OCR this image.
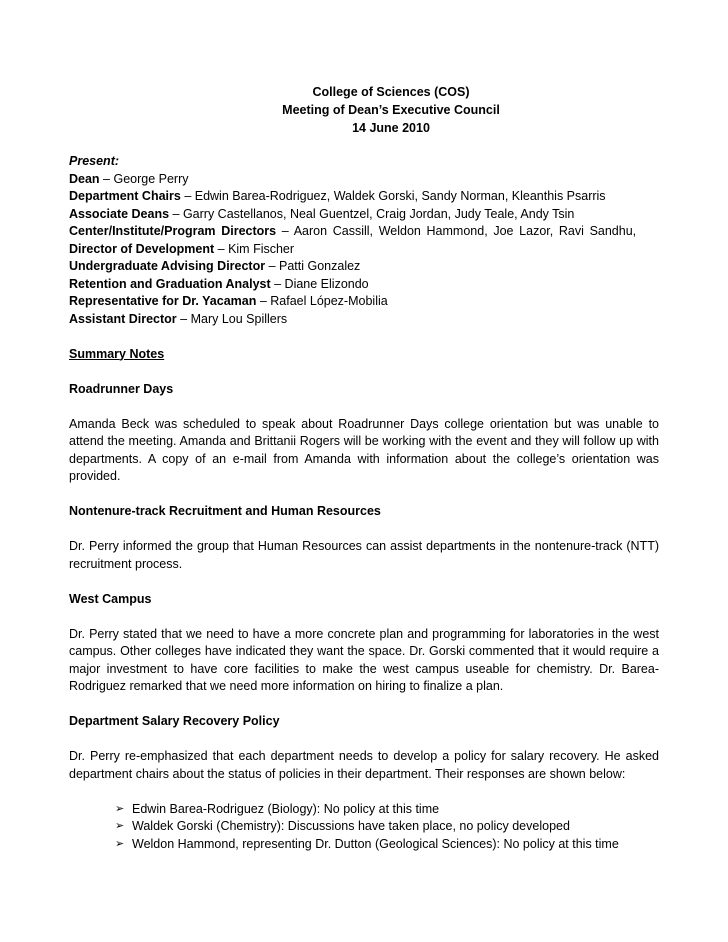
College of Sciences (COS)
Meeting of Dean’s Executive Council
14 June 2010
Present:
Dean – George Perry
Department Chairs – Edwin Barea-Rodriguez, Waldek Gorski, Sandy Norman, Kleanthis Psarris
Associate Deans – Garry Castellanos, Neal Guentzel, Craig Jordan, Judy Teale, Andy Tsin
Center/Institute/Program Directors – Aaron Cassill, Weldon Hammond, Joe Lazor, Ravi Sandhu,
Director of Development – Kim Fischer
Undergraduate Advising Director – Patti Gonzalez
Retention and Graduation Analyst – Diane Elizondo
Representative for Dr. Yacaman – Rafael López-Mobilia
Assistant Director – Mary Lou Spillers
Summary Notes
Roadrunner Days
Amanda Beck was scheduled to speak about Roadrunner Days college orientation but was unable to attend the meeting. Amanda and Brittanii Rogers will be working with the event and they will follow up with departments. A copy of an e-mail from Amanda with information about the college’s orientation was provided.
Nontenure-track Recruitment and Human Resources
Dr. Perry informed the group that Human Resources can assist departments in the nontenure-track (NTT) recruitment process.
West Campus
Dr. Perry stated that we need to have a more concrete plan and programming for laboratories in the west campus. Other colleges have indicated they want the space. Dr. Gorski commented that it would require a major investment to have core facilities to make the west campus useable for chemistry. Dr. Barea-Rodriguez remarked that we need more information on hiring to finalize a plan.
Department Salary Recovery Policy
Dr. Perry re-emphasized that each department needs to develop a policy for salary recovery. He asked department chairs about the status of policies in their department. Their responses are shown below:
➢ Edwin Barea-Rodriguez (Biology): No policy at this time
➢ Waldek Gorski (Chemistry): Discussions have taken place, no policy developed
➢ Weldon Hammond, representing Dr. Dutton (Geological Sciences): No policy at this time
